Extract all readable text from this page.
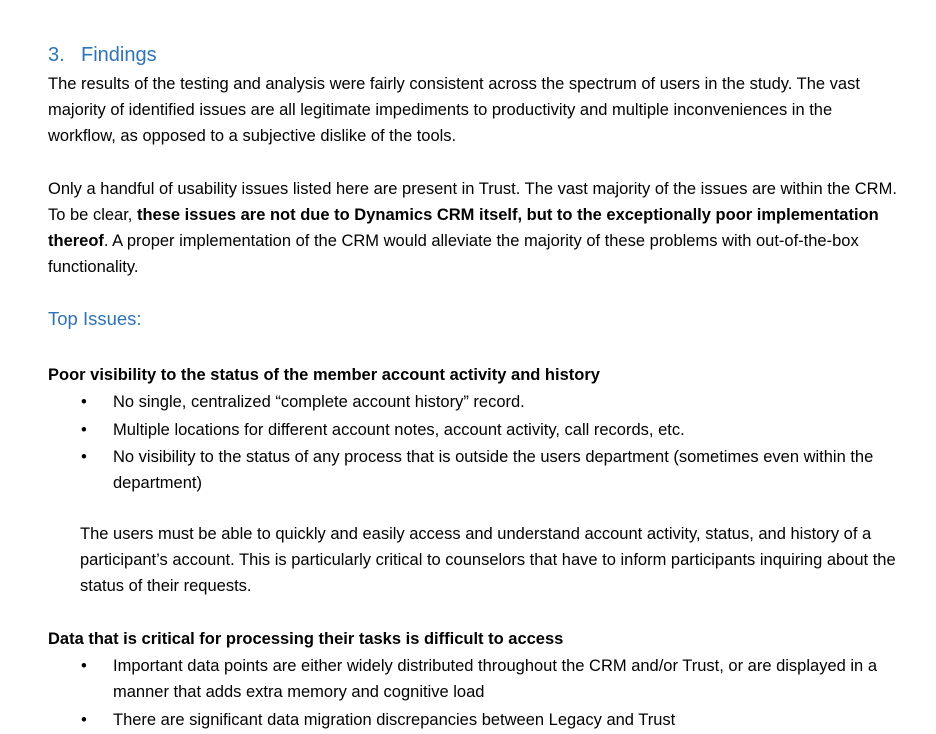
3. Findings
The results of the testing and analysis were fairly consistent across the spectrum of users in the study. The vast majority of identified issues are all legitimate impediments to productivity and multiple inconveniences in the workflow, as opposed to a subjective dislike of the tools.
Only a handful of usability issues listed here are present in Trust. The vast majority of the issues are within the CRM. To be clear, these issues are not due to Dynamics CRM itself, but to the exceptionally poor implementation thereof. A proper implementation of the CRM would alleviate the majority of these problems with out-of-the-box functionality.
Top Issues:
Poor visibility to the status of the member account activity and history
• No single, centralized “complete account history” record.
• Multiple locations for different account notes, account activity, call records, etc.
• No visibility to the status of any process that is outside the users department (sometimes even within the department)
The users must be able to quickly and easily access and understand account activity, status, and history of a participant’s account. This is particularly critical to counselors that have to inform participants inquiring about the status of their requests.
Data that is critical for processing their tasks is difficult to access
• Important data points are either widely distributed throughout the CRM and/or Trust, or are displayed in a manner that adds extra memory and cognitive load
• There are significant data migration discrepancies between Legacy and Trust
